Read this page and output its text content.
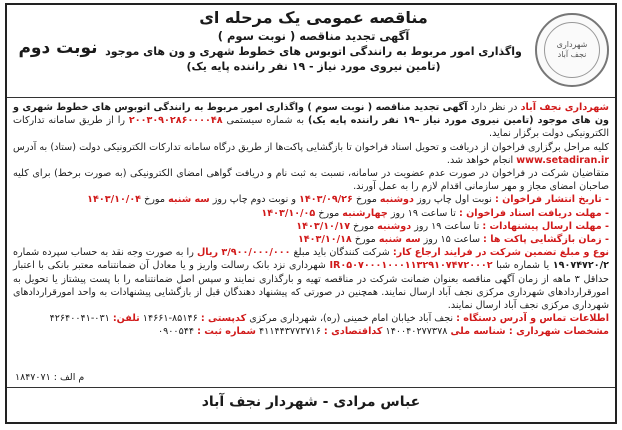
شهرداری
نجف آباد
مناقصه عمومی یک مرحله ای
آگهی تجدید مناقصه ( نوبت سوم )
واگذاری امور مربوط به رانندگی اتوبوس های خطوط شهری و ون های موجود
(تامین نیروی مورد نیاز - ۱۹ نفر راننده پایه یک)
نوبت دوم

شهرداری نجف آباد در نظر دارد آگهی تجدید مناقصه ( نوبت سوم ) واگذاری امور مربوط به رانندگی اتوبوس های خطوط شهری و ون های موجود (تامین نیروی مورد نیاز –۱۹ نفر راننده پایه یک) به شماره سیستمی ۲۰۰۳۰۹۰۲۸۶۰۰۰۰۴۸ را از طریق سامانه تدارکات الکترونیکی دولت برگزار نماید.

کلیه مراحل برگزاری فراخوان از دریافت و تحویل اسناد فراخوان تا بازگشایی پاکت‌ها از طریق درگاه سامانه تدارکات الکترونیکی دولت (ستاد) به آدرس www.setadiran.ir انجام خواهد شد.

متقاضیان شرکت در فراخوان در صورت عدم عضویت در سامانه، نسبت به ثبت نام و دریافت گواهی امضای الکترونیکی (به صورت برخط) برای کلیه صاحبان امضای مجاز و مهر سازمانی اقدام لازم را به عمل آورند.

- تاریخ انتشار فراخوان : نوبت اول چاپ روز دوشنبه مورخ ۱۴۰۳/۰۹/۲۶ و نوبت دوم چاپ روز سه شنبه مورخ ۱۴۰۳/۱۰/۰۴
- مهلت دریافت اسناد فراخوان : تا ساعت ۱۹ روز چهارشنبه مورخ ۱۴۰۳/۱۰/۰۵
- مهلت ارسال پیشنهادات : تا ساعت ۱۹ روز دوشنبه مورخ ۱۴۰۳/۱۰/۱۷
- زمان بازگشایی پاکت ها : ساعت ۱۵ روز سه شنبه مورخ ۱۴۰۳/۱۰/۱۸

نوع و مبلغ تضمین شرکت در فرایند ارجاع کار: شرکت کنندگان باید مبلغ ۳/۹۰۰/۰۰۰/۰۰۰ ریال را به صورت وجه نقد به حساب سپرده شماره ۱۹۰۷۴۷۲۰/۲ یا شماره شبا IR۰۵۰۷۰۰۰۱۰۰۰۱۱۳۲۹۱۰۷۴۷۲۰۰۰۲ شهرداری نزد بانک رسالت واریز و یا معادل آن ضمانتنامه معتبر بانکی با اعتبار حداقل ۳ ماهه از زمان آگهی مناقصه بعنوان ضمانت شرکت در مناقصه تهیه و بارگذاری نمایند و سپس اصل ضمانتنامه را با پست پیشتاز یا تحویل به امورقراردادهای شهرداری مرکزی نجف آباد ارسال نمایند. همچنین در صورتی که پیشنهاد دهندگان قبل از بازگشایی پیشنهادات به واحد امورقراردادهای شهرداری مرکزی نجف آباد ارسال نمایند.

اطلاعات تماس و آدرس دستگاه : نجف آباد خیابان امام خمینی (ره)، شهرداری مرکزی کدپستی : ۸۵۱۴۶-۱۴۶۶۱ تلفن: ۰۳۱-۴۲۶۴۰۰۴۱
مشخصات شهرداری : شناسه ملی ۱۴۰۰۴۰۲۷۷۳۷۸ کداقتصادی : ۴۱۱۴۴۳۷۷۳۷۱۶ شماره ثبت : ۰۹۰۰۵۴۴
م الف : ۱۸۴۷۰۷۱
عباس مرادی - شهردار نجف آباد
